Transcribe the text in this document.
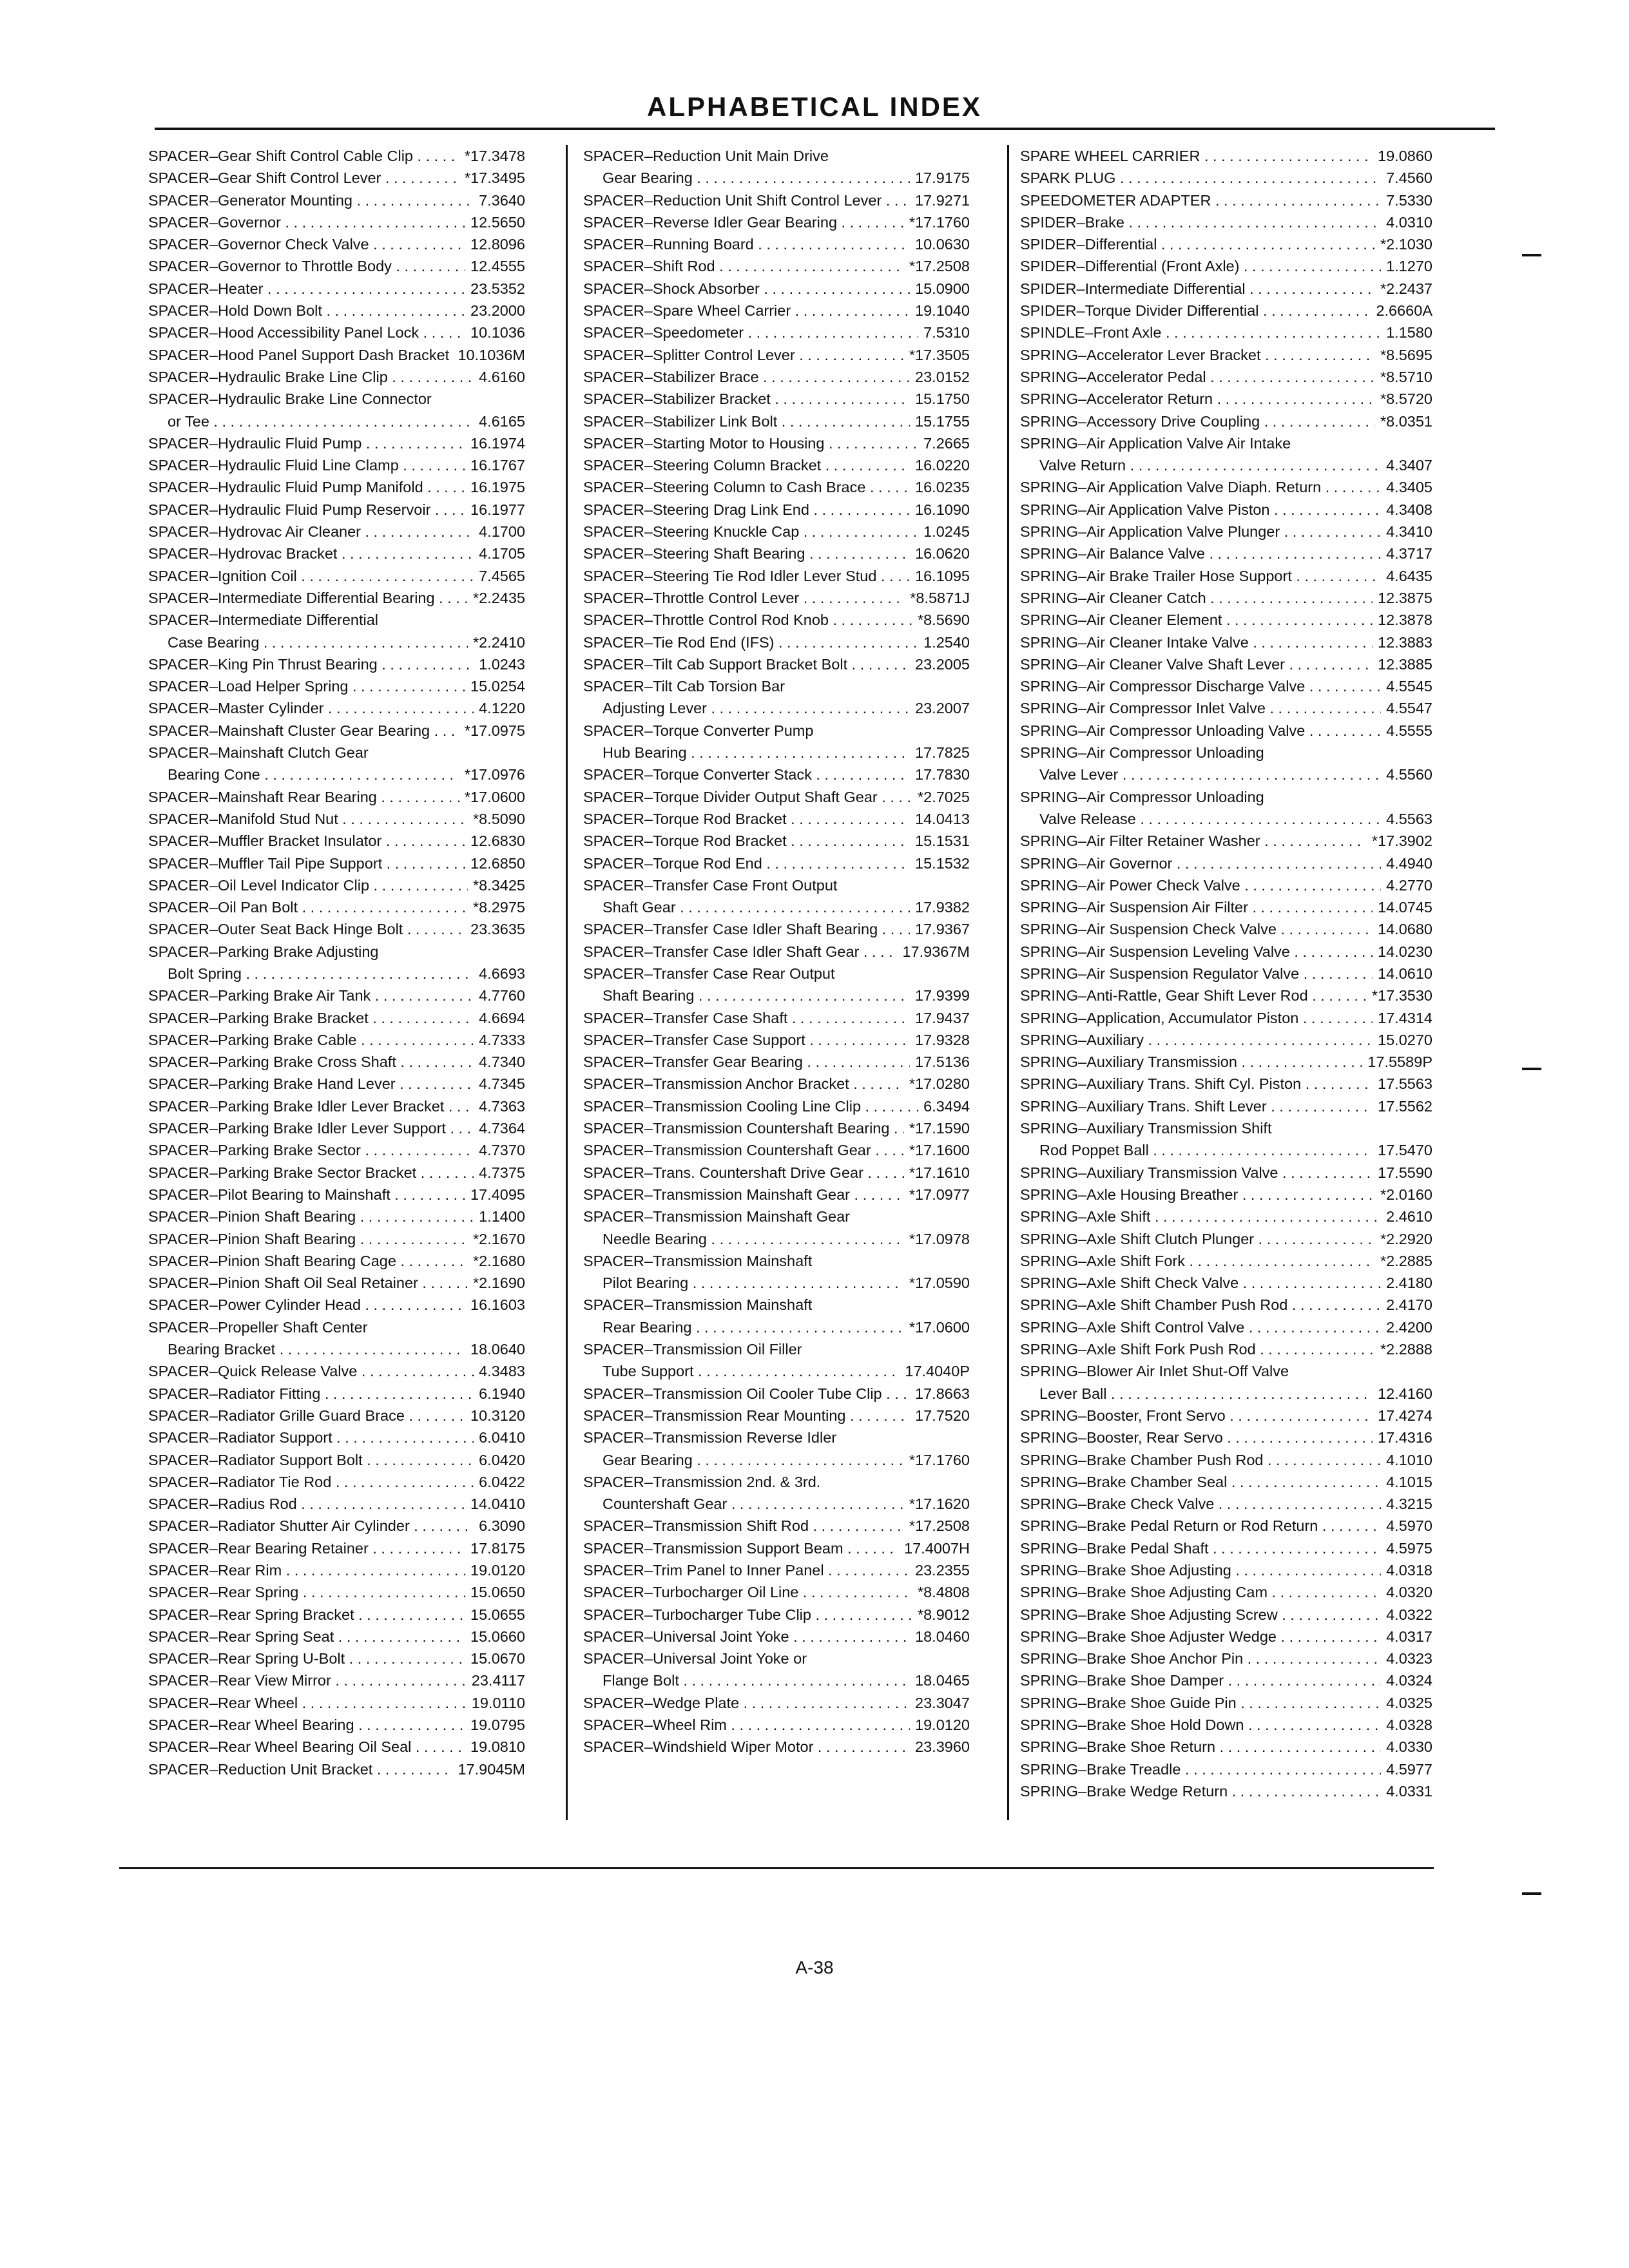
ALPHABETICAL INDEX
SPACER–Gear Shift Control Cable Clip . . .	*17.3478
SPACER–Gear Shift Control Lever . . .	*17.3495
SPACER–Generator Mounting . . .	7.3640
SPACER–Governor . . .	12.5650
SPACER–Governor Check Valve . . .	12.8096
SPACER–Governor to Throttle Body . . .	12.4555
SPACER–Heater . . .	23.5352
SPACER–Hold Down Bolt . . .	23.2000
SPACER–Hood Accessibility Panel Lock . . .	10.1036
SPACER–Hood Panel Support Dash Bracket . . . 10.1036M
SPACER–Hydraulic Brake Line Clip . . .	4.6160
SPACER–Hydraulic Brake Line Connector
or Tee . . .	4.6165
SPACER–Hydraulic Fluid Pump . . .	16.1974
SPACER–Hydraulic Fluid Line Clamp . . .	16.1767
SPACER–Hydraulic Fluid Pump Manifold . . .	16.1975
SPACER–Hydraulic Fluid Pump Reservoir . . .	16.1977
SPACER–Hydrovac Air Cleaner . . .	4.1700
SPACER–Hydrovac Bracket . . .	4.1705
SPACER–Ignition Coil . . .	7.4565
SPACER–Intermediate Differential Bearing . . .	*2.2435
SPACER–Intermediate Differential
Case Bearing . . .	*2.2410
SPACER–King Pin Thrust Bearing . . .	1.0243
SPACER–Load Helper Spring . . .	15.0254
SPACER–Master Cylinder . . .	4.1220
SPACER–Mainshaft Cluster Gear Bearing . . .	*17.0975
SPACER–Mainshaft Clutch Gear
Bearing Cone . . .	*17.0976
SPACER–Mainshaft Rear Bearing . . .	*17.0600
SPACER–Manifold Stud Nut . . .	*8.5090
SPACER–Muffler Bracket Insulator . . .	12.6830
SPACER–Muffler Tail Pipe Support . . .	12.6850
SPACER–Oil Level Indicator Clip . . .	*8.3425
SPACER–Oil Pan Bolt . . .	*8.2975
SPACER–Outer Seat Back Hinge Bolt . . .	23.3635
SPACER–Parking Brake Adjusting
Bolt Spring . . .	4.6693
SPACER–Parking Brake Air Tank . . .	4.7760
SPACER–Parking Brake Bracket . . .	4.6694
SPACER–Parking Brake Cable . . .	4.7333
SPACER–Parking Brake Cross Shaft . . .	4.7340
SPACER–Parking Brake Hand Lever . . .	4.7345
SPACER–Parking Brake Idler Lever Bracket . . .	4.7363
SPACER–Parking Brake Idler Lever Support . . .	4.7364
SPACER–Parking Brake Sector . . .	4.7370
SPACER–Parking Brake Sector Bracket . . .	4.7375
SPACER–Pilot Bearing to Mainshaft . . .	17.4095
SPACER–Pinion Shaft Bearing . . .	1.1400
SPACER–Pinion Shaft Bearing . . .	*2.1670
SPACER–Pinion Shaft Bearing Cage . . .	*2.1680
SPACER–Pinion Shaft Oil Seal Retainer . . .	*2.1690
SPACER–Power Cylinder Head . . .	16.1603
SPACER–Propeller Shaft Center
Bearing Bracket . . .	18.0640
SPACER–Quick Release Valve . . .	4.3483
SPACER–Radiator Fitting . . .	6.1940
SPACER–Radiator Grille Guard Brace . . .	10.3120
SPACER–Radiator Support . . .	6.0410
SPACER–Radiator Support Bolt . . .	6.0420
SPACER–Radiator Tie Rod . . .	6.0422
SPACER–Radius Rod . . .	14.0410
SPACER–Radiator Shutter Air Cylinder . . .	6.3090
SPACER–Rear Bearing Retainer . . .	17.8175
SPACER–Rear Rim . . .	19.0120
SPACER–Rear Spring . . .	15.0650
SPACER–Rear Spring Bracket . . .	15.0655
SPACER–Rear Spring Seat . . .	15.0660
SPACER–Rear Spring U-Bolt . . .	15.0670
SPACER–Rear View Mirror . . .	23.4117
SPACER–Rear Wheel . . .	19.0110
SPACER–Rear Wheel Bearing . . .	19.0795
SPACER–Rear Wheel Bearing Oil Seal . . .	19.0810
SPACER–Reduction Unit Bracket . . .	17.9045M
SPACER–Reduction Unit Main Drive
Gear Bearing . . .	17.9175
SPACER–Reduction Unit Shift Control Lever . . .	17.9271
SPACER–Reverse Idler Gear Bearing . . .	*17.1760
SPACER–Running Board . . .	10.0630
SPACER–Shift Rod . . .	*17.2508
SPACER–Shock Absorber . . .	15.0900
SPACER–Spare Wheel Carrier . . .	19.1040
SPACER–Speedometer . . .	7.5310
SPACER–Splitter Control Lever . . .	*17.3505
SPACER–Stabilizer Brace . . .	23.0152
SPACER–Stabilizer Bracket . . .	15.1750
SPACER–Stabilizer Link Bolt . . .	15.1755
SPACER–Starting Motor to Housing . . .	7.2665
SPACER–Steering Column Bracket . . .	16.0220
SPACER–Steering Column to Cash Brace . . .	16.0235
SPACER–Steering Drag Link End . . .	16.1090
SPACER–Steering Knuckle Cap . . .	1.0245
SPACER–Steering Shaft Bearing . . .	16.0620
SPACER–Steering Tie Rod Idler Lever Stud . . .	16.1095
SPACER–Throttle Control Lever . . .	*8.5871J
SPACER–Throttle Control Rod Knob . . .	*8.5690
SPACER–Tie Rod End (IFS) . . .	1.2540
SPACER–Tilt Cab Support Bracket Bolt . . .	23.2005
SPACER–Tilt Cab Torsion Bar
Adjusting Lever . . .	23.2007
SPACER–Torque Converter Pump
Hub Bearing . . .	17.7825
SPACER–Torque Converter Stack . . .	17.7830
SPACER–Torque Divider Output Shaft Gear . . .	*2.7025
SPACER–Torque Rod Bracket . . .	14.0413
SPACER–Torque Rod Bracket . . .	15.1531
SPACER–Torque Rod End . . .	15.1532
SPACER–Transfer Case Front Output
Shaft Gear . . .	17.9382
SPACER–Transfer Case Idler Shaft Bearing . . .	17.9367
SPACER–Transfer Case Idler Shaft Gear . . .	17.9367M
SPACER–Transfer Case Rear Output
Shaft Bearing . . .	17.9399
SPACER–Transfer Case Shaft . . .	17.9437
SPACER–Transfer Case Support . . .	17.9328
SPACER–Transfer Gear Bearing . . .	17.5136
SPACER–Transmission Anchor Bracket . . .	*17.0280
SPACER–Transmission Cooling Line Clip . . .	6.3494
SPACER–Transmission Countershaft Bearing . . .	*17.1590
SPACER–Transmission Countershaft Gear . . .	*17.1600
SPACER–Trans. Countershaft Drive Gear . . .	*17.1610
SPACER–Transmission Mainshaft Gear . . .	*17.0977
SPACER–Transmission Mainshaft Gear
Needle Bearing . . .	*17.0978
SPACER–Transmission Mainshaft
Pilot Bearing . . .	*17.0590
SPACER–Transmission Mainshaft
Rear Bearing . . .	*17.0600
SPACER–Transmission Oil Filler
Tube Support . . .	17.4040P
SPACER–Transmission Oil Cooler Tube Clip . . .	17.8663
SPACER–Transmission Rear Mounting . . .	17.7520
SPACER–Transmission Reverse Idler
Gear Bearing . . .	*17.1760
SPACER–Transmission 2nd. & 3rd.
Countershaft Gear . . .	*17.1620
SPACER–Transmission Shift Rod . . .	*17.2508
SPACER–Transmission Support Beam . . .	17.4007H
SPACER–Trim Panel to Inner Panel . . .	23.2355
SPACER–Turbocharger Oil Line . . .	*8.4808
SPACER–Turbocharger Tube Clip . . .	*8.9012
SPACER–Universal Joint Yoke . . .	18.0460
SPACER–Universal Joint Yoke or
Flange Bolt . . .	18.0465
SPACER–Wedge Plate . . .	23.3047
SPACER–Wheel Rim . . .	19.0120
SPACER–Windshield Wiper Motor . . .	23.3960
SPARE WHEEL CARRIER . . .	19.0860
SPARK PLUG . . .	7.4560
SPEEDOMETER ADAPTER . . .	7.5330
SPIDER–Brake . . .	4.0310
SPIDER–Differential . . .	*2.1030
SPIDER–Differential (Front Axle) . . .	1.1270
SPIDER–Intermediate Differential . . .	*2.2437
SPIDER–Torque Divider Differential . . .	2.6660A
SPINDLE–Front Axle . . .	1.1580
SPRING–Accelerator Lever Bracket . . .	*8.5695
SPRING–Accelerator Pedal . . .	*8.5710
SPRING–Accelerator Return . . .	*8.5720
SPRING–Accessory Drive Coupling . . .	*8.0351
SPRING–Air Application Valve Air Intake
Valve Return . . .	4.3407
SPRING–Air Application Valve Diaph. Return . . .	4.3405
SPRING–Air Application Valve Piston . . .	4.3408
SPRING–Air Application Valve Plunger . . .	4.3410
SPRING–Air Balance Valve . . .	4.3717
SPRING–Air Brake Trailer Hose Support . . .	4.6435
SPRING–Air Cleaner Catch . . .	12.3875
SPRING–Air Cleaner Element . . .	12.3878
SPRING–Air Cleaner Intake Valve . . .	12.3883
SPRING–Air Cleaner Valve Shaft Lever . . .	12.3885
SPRING–Air Compressor Discharge Valve . . .	4.5545
SPRING–Air Compressor Inlet Valve . . .	4.5547
SPRING–Air Compressor Unloading Valve . . .	4.5555
SPRING–Air Compressor Unloading
Valve Lever . . .	4.5560
SPRING–Air Compressor Unloading
Valve Release . . .	4.5563
SPRING–Air Filter Retainer Washer . . .	*17.3902
SPRING–Air Governor . . .	4.4940
SPRING–Air Power Check Valve . . .	4.2770
SPRING–Air Suspension Air Filter . . .	14.0745
SPRING–Air Suspension Check Valve . . .	14.0680
SPRING–Air Suspension Leveling Valve . . .	14.0230
SPRING–Air Suspension Regulator Valve . . .	14.0610
SPRING–Anti-Rattle, Gear Shift Lever Rod . . .	*17.3530
SPRING–Application, Accumulator Piston . . .	17.4314
SPRING–Auxiliary . . .	15.0270
SPRING–Auxiliary Transmission . . .	17.5589P
SPRING–Auxiliary Trans. Shift Cyl. Piston . . .	17.5563
SPRING–Auxiliary Trans. Shift Lever . . .	17.5562
SPRING–Auxiliary Transmission Shift
Rod Poppet Ball . . .	17.5470
SPRING–Auxiliary Transmission Valve . . .	17.5590
SPRING–Axle Housing Breather . . .	*2.0160
SPRING–Axle Shift . . .	2.4610
SPRING–Axle Shift Clutch Plunger . . .	*2.2920
SPRING–Axle Shift Fork . . .	*2.2885
SPRING–Axle Shift Check Valve . . .	2.4180
SPRING–Axle Shift Chamber Push Rod . . .	2.4170
SPRING–Axle Shift Control Valve . . .	2.4200
SPRING–Axle Shift Fork Push Rod . . .	*2.2888
SPRING–Blower Air Inlet Shut-Off Valve
Lever Ball . . .	12.4160
SPRING–Booster, Front Servo . . .	17.4274
SPRING–Booster, Rear Servo . . .	17.4316
SPRING–Brake Chamber Push Rod . . .	4.1010
SPRING–Brake Chamber Seal . . .	4.1015
SPRING–Brake Check Valve . . .	4.3215
SPRING–Brake Pedal Return or Rod Return . . .	4.5970
SPRING–Brake Pedal Shaft . . .	4.5975
SPRING–Brake Shoe Adjusting . . .	4.0318
SPRING–Brake Shoe Adjusting Cam . . .	4.0320
SPRING–Brake Shoe Adjusting Screw . . .	4.0322
SPRING–Brake Shoe Adjuster Wedge . . .	4.0317
SPRING–Brake Shoe Anchor Pin . . .	4.0323
SPRING–Brake Shoe Damper . . .	4.0324
SPRING–Brake Shoe Guide Pin . . .	4.0325
SPRING–Brake Shoe Hold Down . . .	4.0328
SPRING–Brake Shoe Return . . .	4.0330
SPRING–Brake Treadle . . .	4.5977
SPRING–Brake Wedge Return . . .	4.0331
A-38
